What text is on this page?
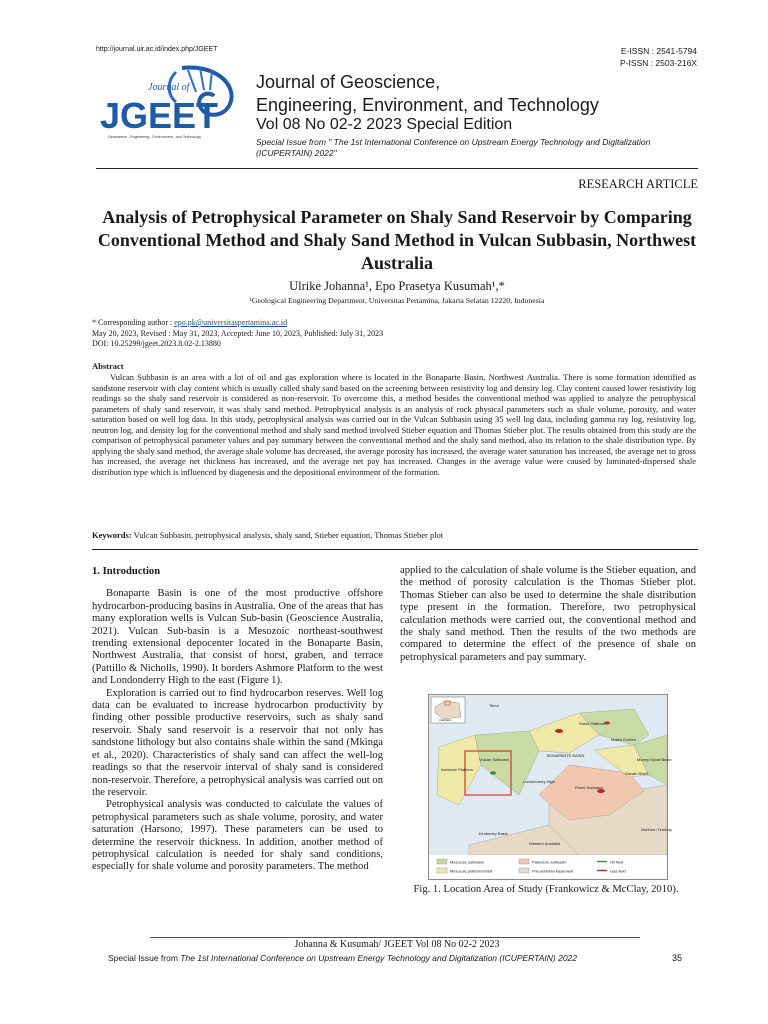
http://journal.uir.ac.id/index.php/JGEET	E-ISSN : 2541-5794
P-ISSN : 2503-216X
Journal of
JGEET
Geoscience - Engineering - Environment - and Technology
Journal of Geoscience,
Engineering, Environment, and Technology
Vol 08 No 02-2 2023 Special Edition
Special Issue from " The 1st International Conference on Upstream Energy Technology and Digitalization (ICUPERTAIN) 2022"
RESEARCH ARTICLE
Analysis of Petrophysical Parameter on Shaly Sand Reservoir by Comparing Conventional Method and Shaly Sand Method in Vulcan Subbasin, Northwest Australia
Ulrike Johanna¹, Epo Prasetya Kusumah¹,*
¹Geological Engineering Department, Universitas Pertamina, Jakarta Selatan 12220, Indonesia
* Corresponding author : epo.pk@universitaspertamina.ac.id
May 20, 2023, Revised : May 31, 2023, Accepted: June 10, 2023, Published: July 31, 2023
DOI: 10.25299/jgeet.2023.8.02-2.13880
Abstract
Vulcan Subbasin is an area with a lot of oil and gas exploration where is located in the Bonaparte Basin, Northwest Australia. There is some formation identified as sandstone reservoir with clay content which is usually called shaly sand based on the screening between resistivity log and density log. Clay content caused lower resistivity log readings so the shaly sand reservoir is considered as non-reservoir. To overcome this, a method besides the conventional method was applied to analyze the petrophysical parameters of shaly sand reservoir, it was shaly sand method. Petrophysical analysis is an analysis of rock physical parameters such as shale volume, porosity, and water saturation based on well log data. In this study, petrophysical analysis was carried out in the Vulcan Subbasin using 35 well log data, including gamma ray log, resistivity log, neutron log, and density log for the conventional method and shaly sand method involved Stieber equation and Thomas Stieber plot. The results obtained from this study are the comparison of petrophysical parameter values and pay summary between the conventional method and the shaly sand method, also its relation to the shale distribution type. By applying the shaly sand method, the average shale volume has decreased, the average porosity has increased, the average water saturation has increased, the average net to gross has increased, the average net thickness has increased, and the average net pay has increased. Changes in the average value were caused by laminated-dispersed shale distribution type which is influenced by diagenesis and the depositional environment of the formation.
Keywords: Vulcan Subbasin, petrophysical analysis, shaly sand, Stieber equation, Thomas Stieber plot
1. Introduction

Bonaparte Basin is one of the most productive offshore hydrocarbon-producing basins in Australia. One of the areas that has many exploration wells is Vulcan Sub-basin (Geoscience Australia, 2021). Vulcan Sub-basin is a Mesozoic northeast-southwest trending extensional depocenter located in the Bonaparte Basin, Northwest Australia, that consist of horst, graben, and terrace (Pattillo & Nicholls, 1990). It borders Ashmore Platform to the west and Londonderry High to the east (Figure 1).

Exploration is carried out to find hydrocarbon reserves. Well log data can be evaluated to increase hydrocarbon productivity by finding other possible productive reservoirs, such as shaly sand reservoir. Shaly sand reservoir is a reservoir that not only has sandstone lithology but also contains shale within the sand (Mkinga et al., 2020). Characteristics of shaly sand can affect the well-log readings so that the reservoir interval of shaly sand is considered non-reservoir. Therefore, a petrophysical analysis was carried out on the reservoir.

Petrophysical analysis was conducted to calculate the values of petrophysical parameters such as shale volume, porosity, and water saturation (Harsono, 1997). These parameters can be used to determine the reservoir thickness. In addition, another method of petrophysical calculation is needed for shaly sand conditions, especially for shale volume and porosity parameters. The method

applied to the calculation of shale volume is the Stieber equation, and the method of porosity calculation is the Thomas Stieber plot. Thomas Stieber can also be used to determine the shale distribution type present in the formation. Therefore, two petrophysical calculation methods were carried out, the conventional method and the shaly sand method. Then the results of the two methods are compared to determine the effect of the presence of shale on petrophysical parameters and pay summary.

Australia
Timor
Sahul Platform
Malita Graben
Money Shoal Basin
Ashmore Platform
Vulcan Subbasin
BONAPARTE BASIN
Darwin Shelf
Londonderry High
Petrel Subbasin
Northern Territory
Western Australia
Kimberley Basin
Mesozoic subbasin
Mesozoic platform/shelf
Paleozoic subbasin
Precambrian basement
Oil field
Gas field
Fig. 1. Location Area of Study (Frankowicz & McClay, 2010).
Johanna & Kusumah/ JGEET Vol 08 No 02-2 2023
Special Issue from The 1st International Conference on Upstream Energy Technology and Digitalization (ICUPERTAIN) 2022	35
